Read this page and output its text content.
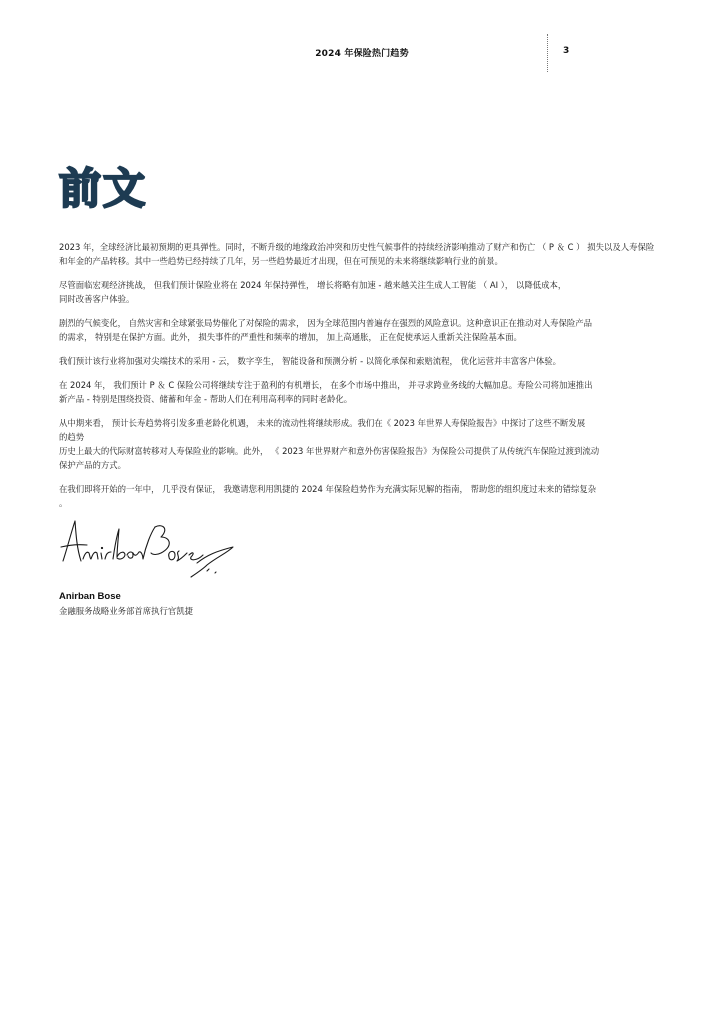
2024 年保险热门趋势	3
前文

2023 年，全球经济比最初预期的更具弹性。同时，不断升级的地缘政治冲突和历史性气候事件的持续经济影响推动了财产和伤亡 （ P ＆ C ） 损失以及人寿保险和年金的产品转移。其中一些趋势已经持续了几年，另一些趋势最近才出现，但在可预见的未来将继续影响行业的前景。

尽管面临宏观经济挑战， 但我们预计保险业将在 2024 年保持弹性， 增长将略有加速 - 越来越关注生成人工智能 （ AI ）， 以降低成本，
同时改善客户体验。

剧烈的气候变化， 自然灾害和全球紧张局势催化了对保险的需求， 因为全球范围内普遍存在强烈的风险意识。这种意识正在推动对人寿保险产品
的需求， 特别是在保护方面。此外， 损失事件的严重性和频率的增加， 加上高通胀， 正在促使承运人重新关注保险基本面。

我们预计该行业将加强对尖端技术的采用 - 云， 数字孪生， 智能设备和预测分析 - 以简化承保和索赔流程， 优化运营并丰富客户体验。

在 2024 年， 我们预计 P ＆ C 保险公司将继续专注于盈利的有机增长， 在多个市场中推出， 并寻求跨业务线的大幅加息。寿险公司将加速推出
新产品 - 特别是围绕投资、储蓄和年金 - 帮助人们在利用高利率的同时老龄化。

从中期来看， 预计长寿趋势将引发多重老龄化机遇， 未来的流动性将继续形成。我们在《 2023 年世界人寿保险报告》中探讨了这些不断发展
的趋势
历史上最大的代际财富转移对人寿保险业的影响。此外， 《 2023 年世界财产和意外伤害保险报告》为保险公司提供了从传统汽车保险过渡到流动
保护产品的方式。

在我们即将开始的一年中， 几乎没有保证， 我邀请您利用凯捷的 2024 年保险趋势作为充满实际见解的指南， 帮助您的组织度过未来的错综复杂
。

Anirban Bose
金融服务战略业务部首席执行官凯捷
